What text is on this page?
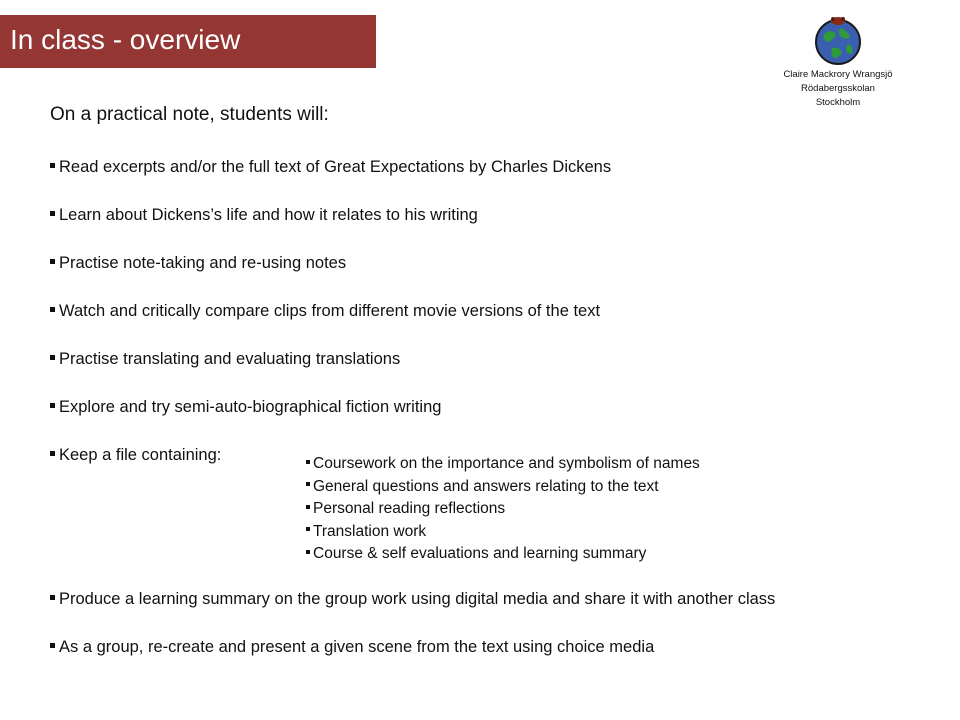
In class - overview
Claire Mackrory Wrangsjö
Rödabergsskolan
Stockholm
On a practical note, students will:
Read excerpts and/or the full text of Great Expectations by Charles Dickens
Learn about Dickens’s life and how it relates to his writing
Practise note-taking and re-using notes
Watch and critically compare clips from different movie versions of the text
Practise translating and evaluating translations
Explore and try semi-auto-biographical fiction writing
Keep a file containing:	Coursework on the importance and symbolism of names
General questions and answers relating to the text
Personal reading reflections
Translation work
Course & self evaluations and learning summary
Produce a learning summary on the group work using digital media and share it with another class
As a group, re-create and present a given scene from the text using choice media
